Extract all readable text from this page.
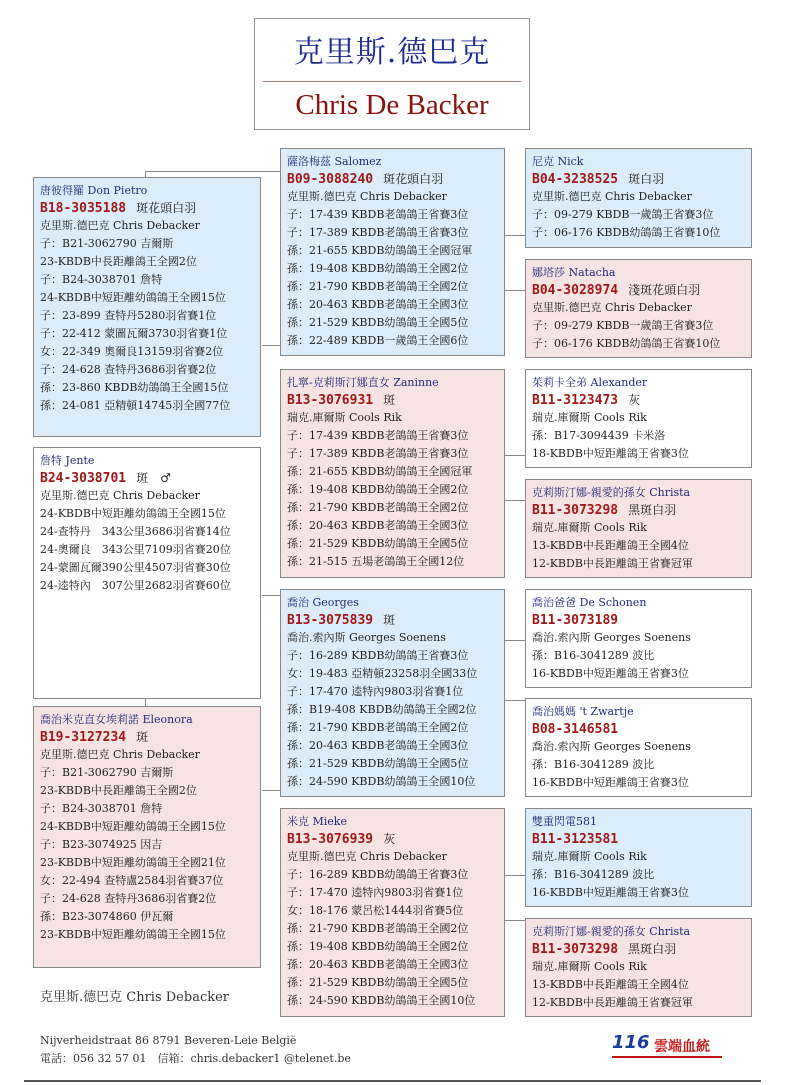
克里斯.德巴克
Chris De Backer
唐彼得羅 Don Pietro
B18-3035188 斑花頭白羽
克里斯.德巴克 Chris Debacker
子：B21-3062790 吉爾斯
23-KBDB中長距離鴿王全國2位
子：B24-3038701 詹特
24-KBDB中短距離幼鴿鴿王全國15位
子：23-899 查特丹5280羽省賽1位
子：22-412 蒙圖瓦爾3730羽省賽1位
女：22-349 奧爾良13159羽省賽2位
子：24-628 查特丹3686羽省賽2位
孫：23-860 KBDB幼鴿鴿王全國15位
孫：24-081 亞精頓14745羽全國77位
詹特 Jente
B24-3038701 斑　♂
克里斯.德巴克 Chris Debacker
24-KBDB中短距離幼鴿鴿王全國15位
24-查特丹　343公里3686羽省賽14位
24-奧爾良　343公里7109羽省賽20位
24-蒙圖瓦爾390公里4507羽省賽30位
24-逵特內　307公里2682羽省賽60位
喬治米克直女埃莉諾 Eleonora
B19-3127234 斑
克里斯.德巴克 Chris Debacker
子：B21-3062790 吉爾斯
23-KBDB中長距離鴿王全國2位
子：B24-3038701 詹特
24-KBDB中短距離幼鴿鴿王全國15位
子：B23-3074925 因吉
23-KBDB中短距離幼鴿鴿王全國21位
女：22-494 查特盧2584羽省賽37位
子：24-628 查特丹3686羽省賽2位
孫：B23-3074860 伊瓦爾
23-KBDB中短距離幼鴿鴿王全國15位
薩洛梅茲 Salomez
B09-3088240 斑花頭白羽
克里斯.德巴克 Chris Debacker
子：17-439 KBDB老鴿鴿王省賽3位
子：17-389 KBDB老鴿鴿王省賽3位
孫：21-655 KBDB幼鴿鴿王全國冠軍
孫：19-408 KBDB幼鴿鴿王全國2位
孫：21-790 KBDB老鴿鴿王全國2位
孫：20-463 KBDB老鴿鴿王全國3位
孫：21-529 KBDB幼鴿鴿王全國5位
孫：22-489 KBDB一歲鴿王全國6位
扎寧-克莉斯汀娜直女 Zaninne
B13-3076931 斑
瑞克.庫爾斯 Cools Rik
子：17-439 KBDB老鴿鴿王省賽3位
子：17-389 KBDB老鴿鴿王省賽3位
孫：21-655 KBDB幼鴿鴿王全國冠軍
孫：19-408 KBDB幼鴿鴿王全國2位
孫：21-790 KBDB老鴿鴿王全國2位
孫：20-463 KBDB老鴿鴿王全國3位
孫：21-529 KBDB幼鴿鴿王全國5位
孫：21-515 五場老鴿鴿王全國12位
喬治 Georges
B13-3075839 斑
喬治.索內斯 Georges Soenens
子：16-289 KBDB幼鴿鴿王省賽3位
女：19-483 亞精頓23258羽全國33位
子：17-470 逵特內9803羽省賽1位
孫：B19-408 KBDB幼鴿鴿王全國2位
孫：21-790 KBDB老鴿鴿王全國2位
孫：20-463 KBDB老鴿鴿王全國3位
孫：21-529 KBDB幼鴿鴿王全國5位
孫：24-590 KBDB幼鴿鴿王全國10位
米克 Mieke
B13-3076939 灰
克里斯.德巴克 Chris Debacker
子：16-289 KBDB幼鴿鴿王省賽3位
子：17-470 逵特內9803羽省賽1位
女：18-176 蒙呂松1444羽省賽5位
孫：21-790 KBDB老鴿鴿王全國2位
孫：19-408 KBDB幼鴿鴿王全國2位
孫：20-463 KBDB老鴿鴿王全國3位
孫：21-529 KBDB幼鴿鴿王全國5位
孫：24-590 KBDB幼鴿鴿王全國10位
尼克 Nick
B04-3238525 斑白羽
克里斯.德巴克 Chris Debacker
子：09-279 KBDB一歲鴿王省賽3位
子：06-176 KBDB幼鴿鴿王省賽10位
娜塔莎 Natacha
B04-3028974 淺斑花頭白羽
克里斯.德巴克 Chris Debacker
子：09-279 KBDB一歲鴿王省賽3位
子：06-176 KBDB幼鴿鴿王省賽10位
茱莉卡全弟 Alexander
B11-3123473 灰
瑞克.庫爾斯 Cools Rik
孫：B17-3094439 卡米洛
18-KBDB中短距離鴿王省賽3位
克莉斯汀娜-親愛的孫女 Christa
B11-3073298 黑斑白羽
瑞克.庫爾斯 Cools Rik
13-KBDB中長距離鴿王全國4位
12-KBDB中長距離鴿王省賽冠軍
喬治爸爸 De Schonen
B11-3073189
喬治.索內斯 Georges Soenens
孫：B16-3041289 波比
16-KBDB中短距離鴿王省賽3位
喬治媽媽 't Zwartje
B08-3146581
喬治.索內斯 Georges Soenens
孫：B16-3041289 波比
16-KBDB中短距離鴿王省賽3位
雙重閃電581
B11-3123581
瑞克.庫爾斯 Cools Rik
孫：B16-3041289 波比
16-KBDB中短距離鴿王省賽3位
克莉斯汀娜-親愛的孫女 Christa
B11-3073298 黑斑白羽
瑞克.庫爾斯 Cools Rik
13-KBDB中長距離鴿王全國4位
12-KBDB中長距離鴿王省賽冠軍
克里斯.德巴克 Chris Debacker
Nijverheidstraat 86 8791 Beveren-Leie België
電話：056 32 57 01　信箱：chris.debacker1 @telenet.be
116 雲端血統
